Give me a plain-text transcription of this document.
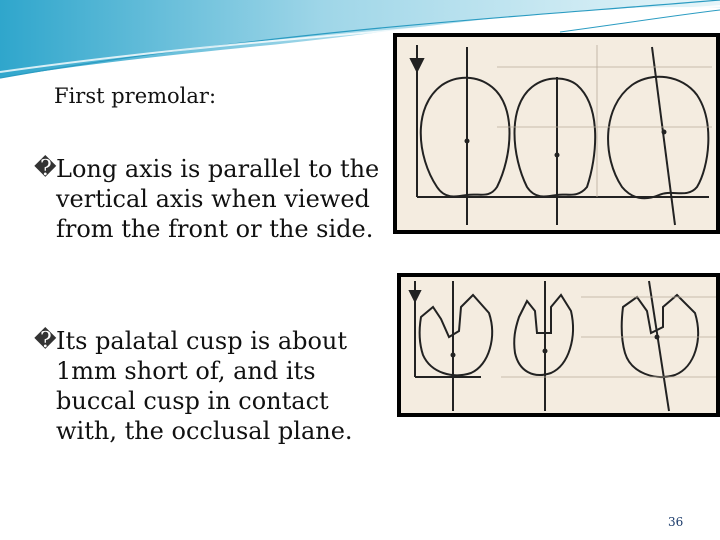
First premolar:
� Long axis is parallel to the vertical axis when viewed from the front or the side.
� Its palatal cusp is about 1mm short of, and its buccal cusp in contact with, the occlusal plane.
36
